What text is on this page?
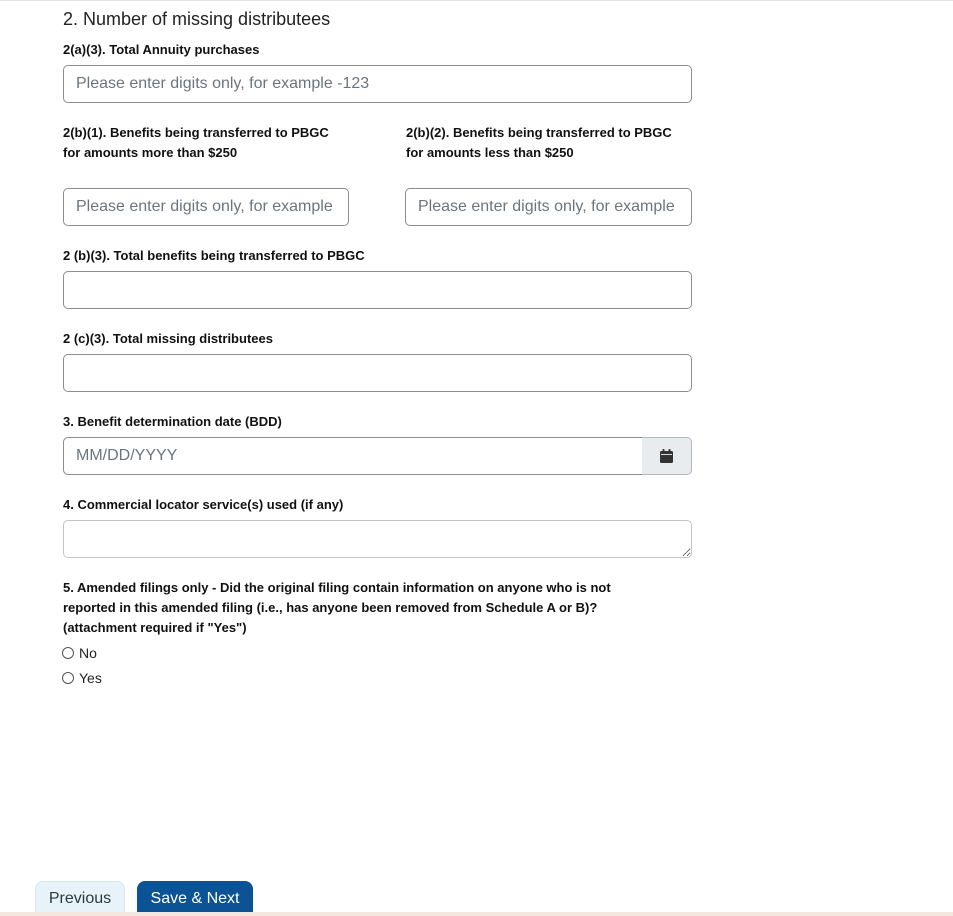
2. Number of missing distributees
2(a)(3). Total Annuity purchases
Please enter digits only, for example -123
2(b)(1). Benefits being transferred to PBGC
for amounts more than $250
Please enter digits only, for example -123
2(b)(2). Benefits being transferred to PBGC
for amounts less than $250
Please enter digits only, for example -123
2 (b)(3). Total benefits being transferred to PBGC
2 (c)(3). Total missing distributees
3. Benefit determination date (BDD)
MM/DD/YYYY
4. Commercial locator service(s) used (if any)
5. Amended filings only - Did the original filing contain information on anyone who is not
reported in this amended filing (i.e., has anyone been removed from Schedule A or B)?
(attachment required if "Yes")
No
Yes
Previous	Save & Next
